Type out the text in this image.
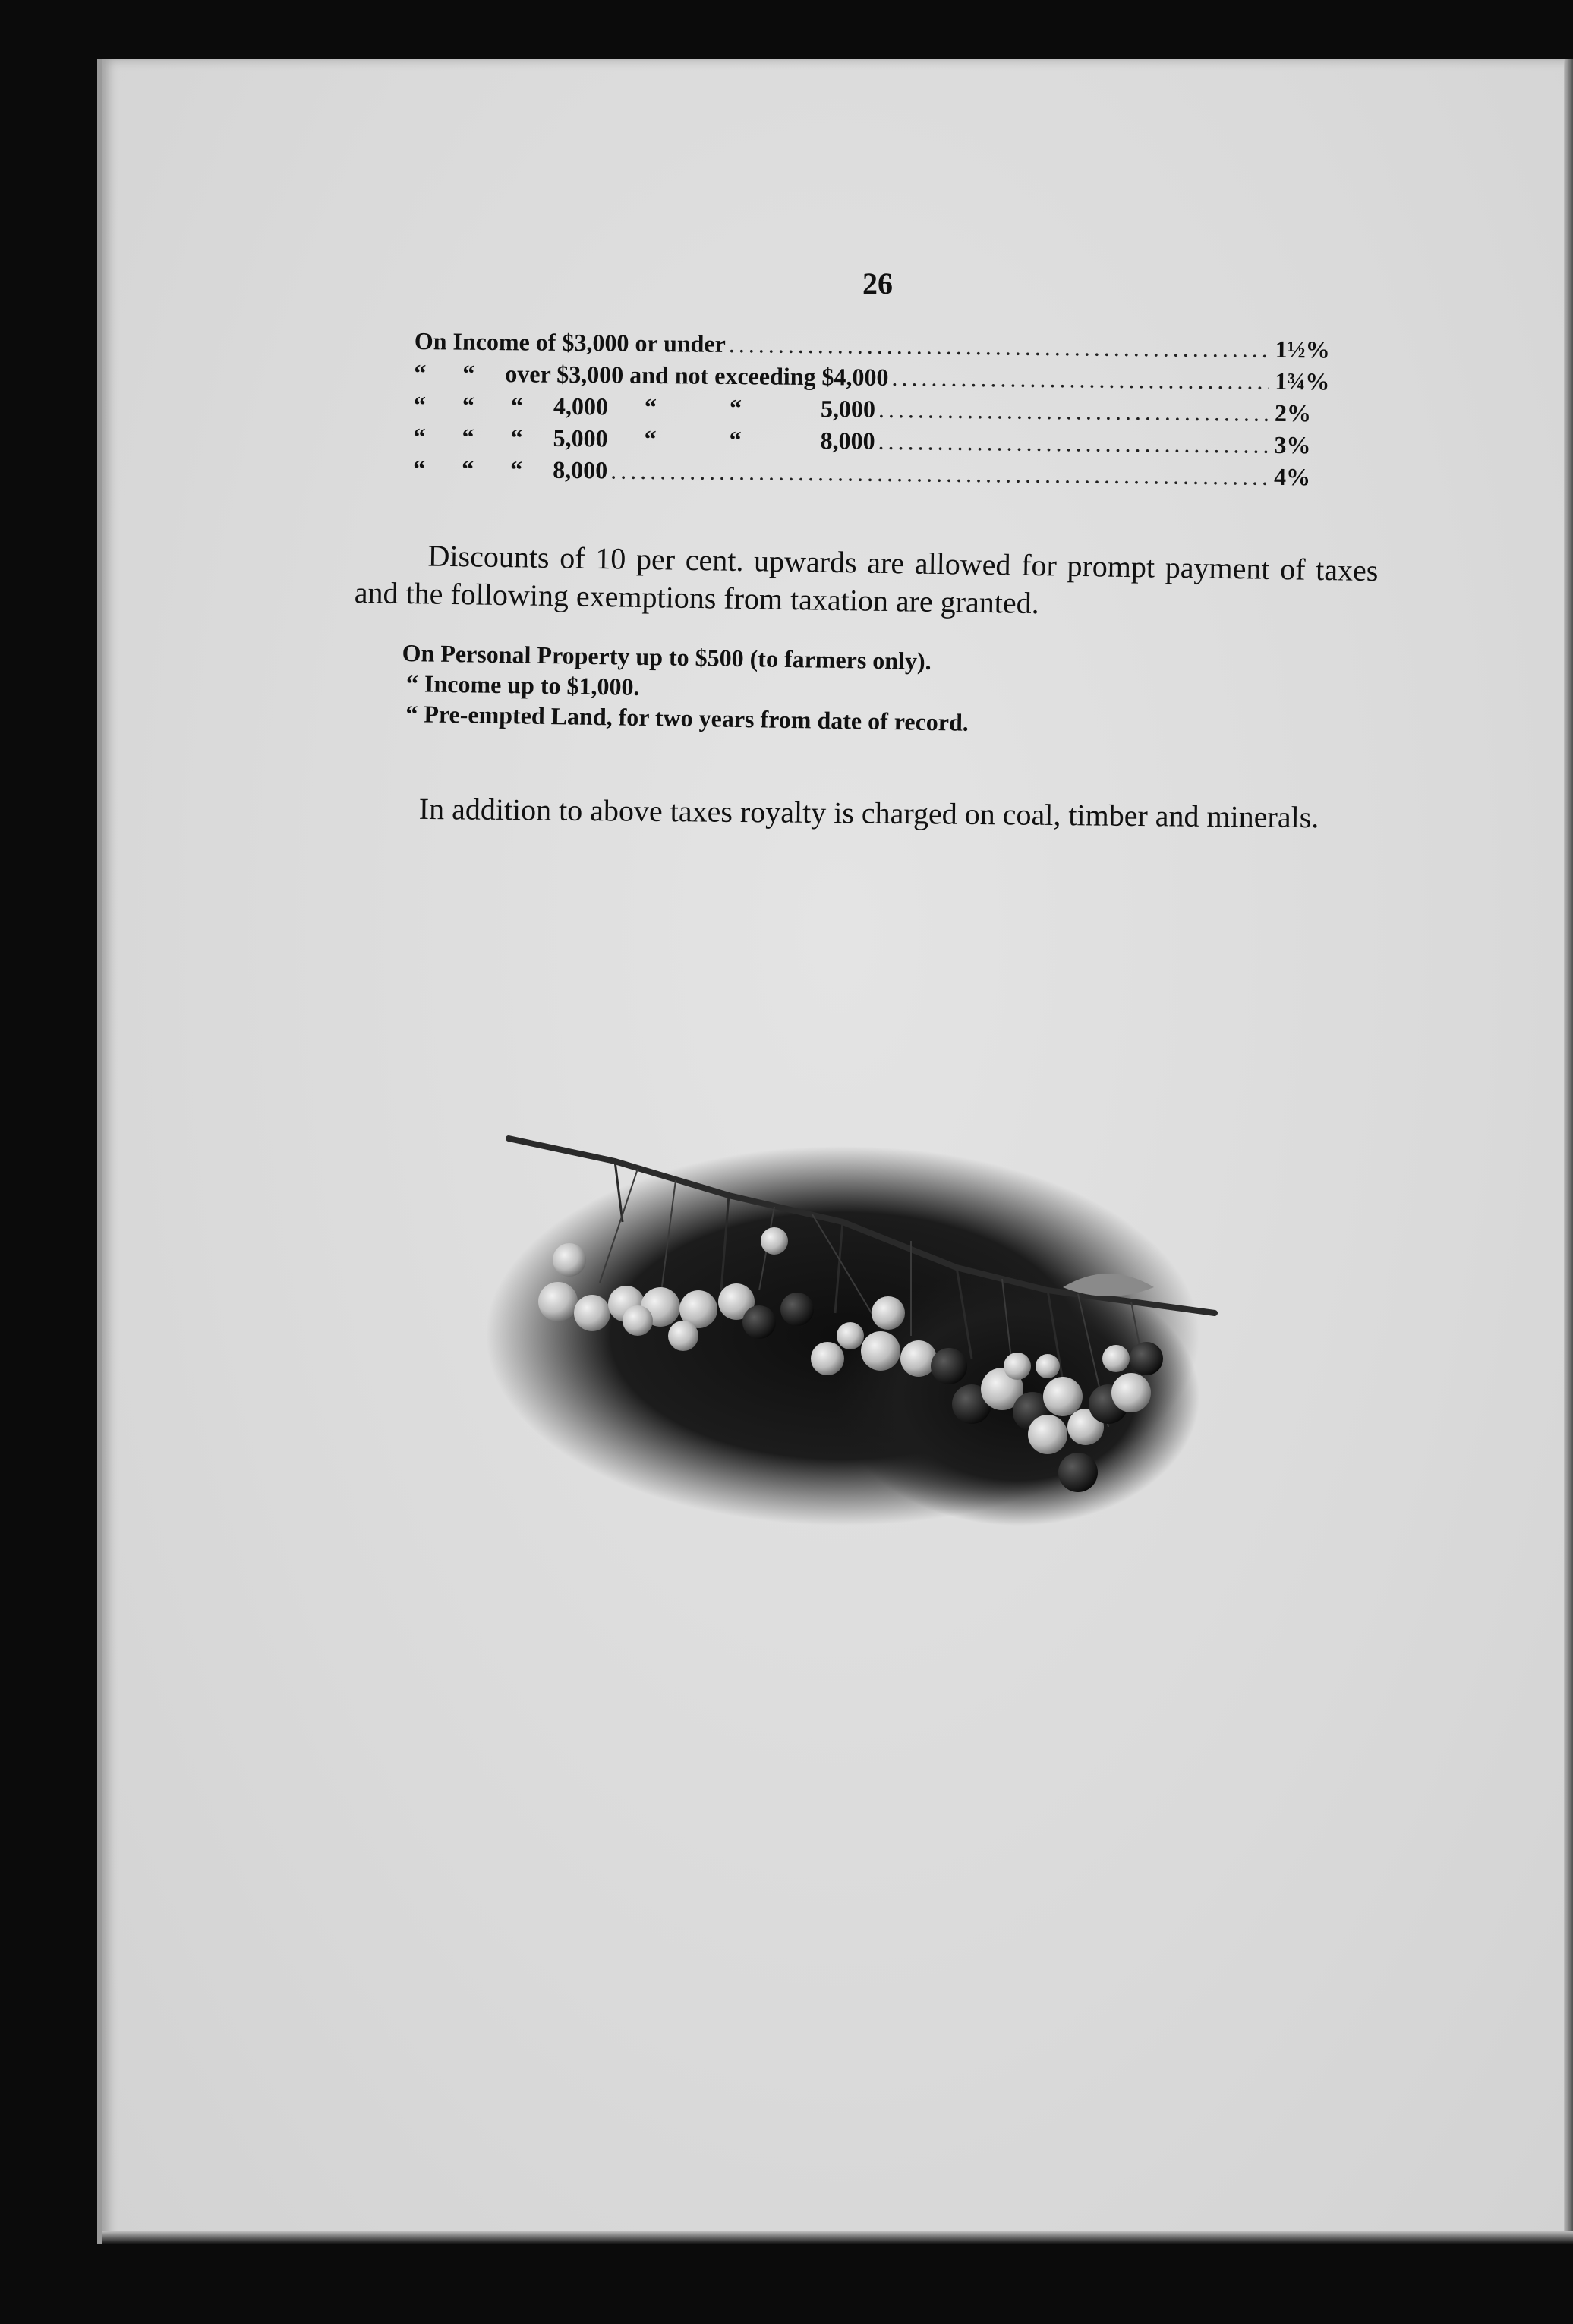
26
On Income of $3,000 or under .....	1½%
“      “     over $3,000 and not exceeding $4,000 .....	1¾%
“      “      “     4,000      “            “             5,000 .....	2%
“      “      “     5,000      “            “             8,000 .....	3%
“      “      “     8,000 .....	4%

Discounts of 10 per cent. upwards are allowed for prompt payment of taxes and the following exemptions from taxation are granted.

On Personal Property up to $500 (to farmers only).
“ Income up to $1,000.
“ Pre-empted Land, for two years from date of record.

In addition to above taxes royalty is charged on coal, timber and minerals.
